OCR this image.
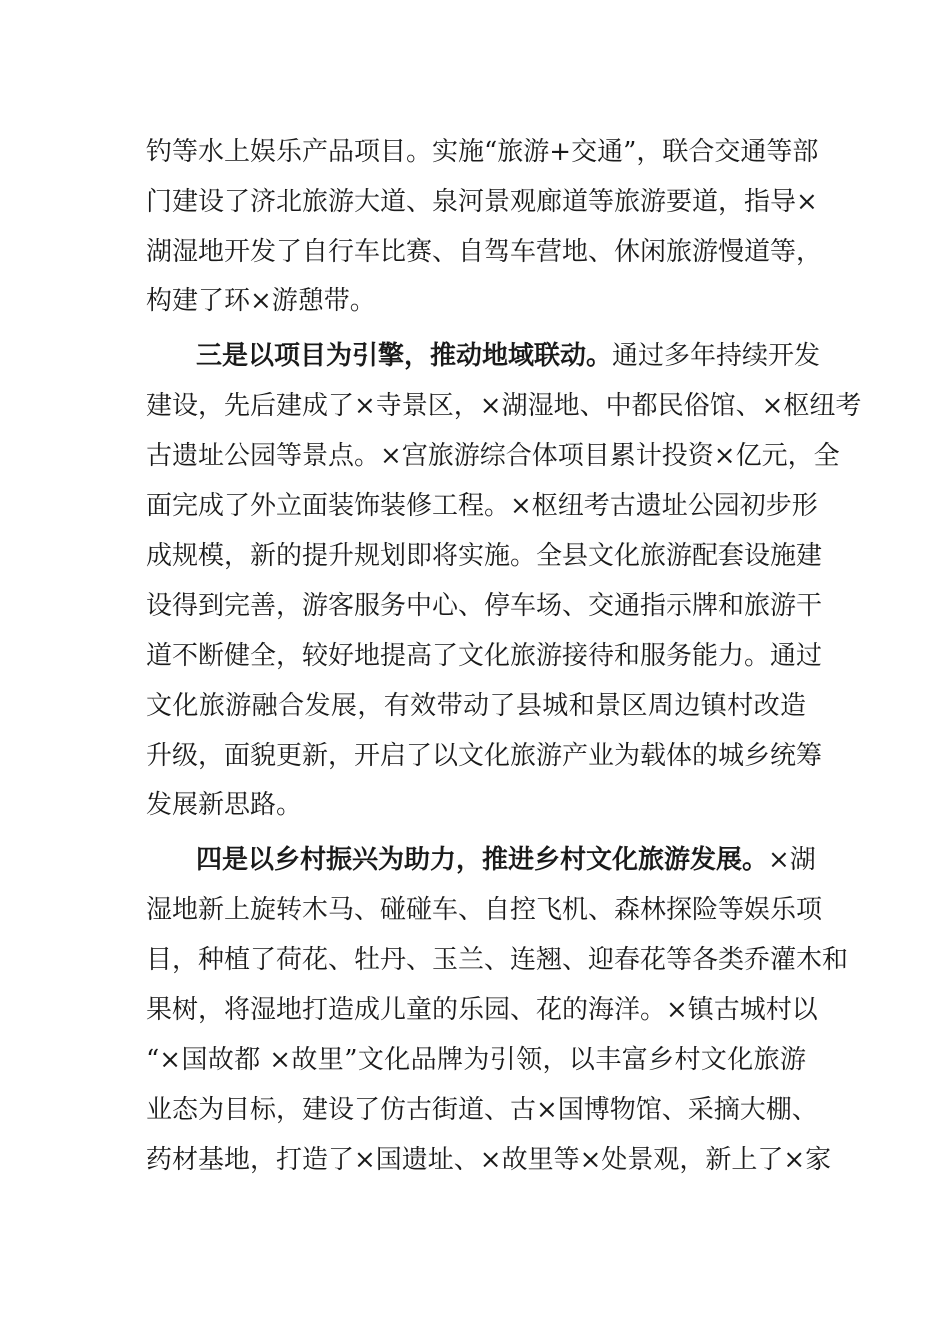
钓等水上娱乐产品项目。实施“旅游+交通”，联合交通等部
门建设了济北旅游大道、泉河景观廊道等旅游要道，指导×
湖湿地开发了自行车比赛、自驾车营地、休闲旅游慢道等，
构建了环×游憩带。
三是以项目为引擎，推动地域联动。通过多年持续开发
建设，先后建成了×寺景区，×湖湿地、中都民俗馆、×枢纽考
古遗址公园等景点。×宫旅游综合体项目累计投资×亿元，全
面完成了外立面装饰装修工程。×枢纽考古遗址公园初步形
成规模，新的提升规划即将实施。全县文化旅游配套设施建
设得到完善，游客服务中心、停车场、交通指示牌和旅游干
道不断健全，较好地提高了文化旅游接待和服务能力。通过
文化旅游融合发展，有效带动了县城和景区周边镇村改造
升级，面貌更新，开启了以文化旅游产业为载体的城乡统筹
发展新思路。
四是以乡村振兴为助力，推进乡村文化旅游发展。×湖
湿地新上旋转木马、碰碰车、自控飞机、森林探险等娱乐项
目，种植了荷花、牡丹、玉兰、连翘、迎春花等各类乔灌木和
果树，将湿地打造成儿童的乐园、花的海洋。×镇古城村以
“×国故都 ×故里”文化品牌为引领，以丰富乡村文化旅游
业态为目标，建设了仿古街道、古×国博物馆、采摘大棚、
药材基地，打造了×国遗址、×故里等×处景观，新上了×家
